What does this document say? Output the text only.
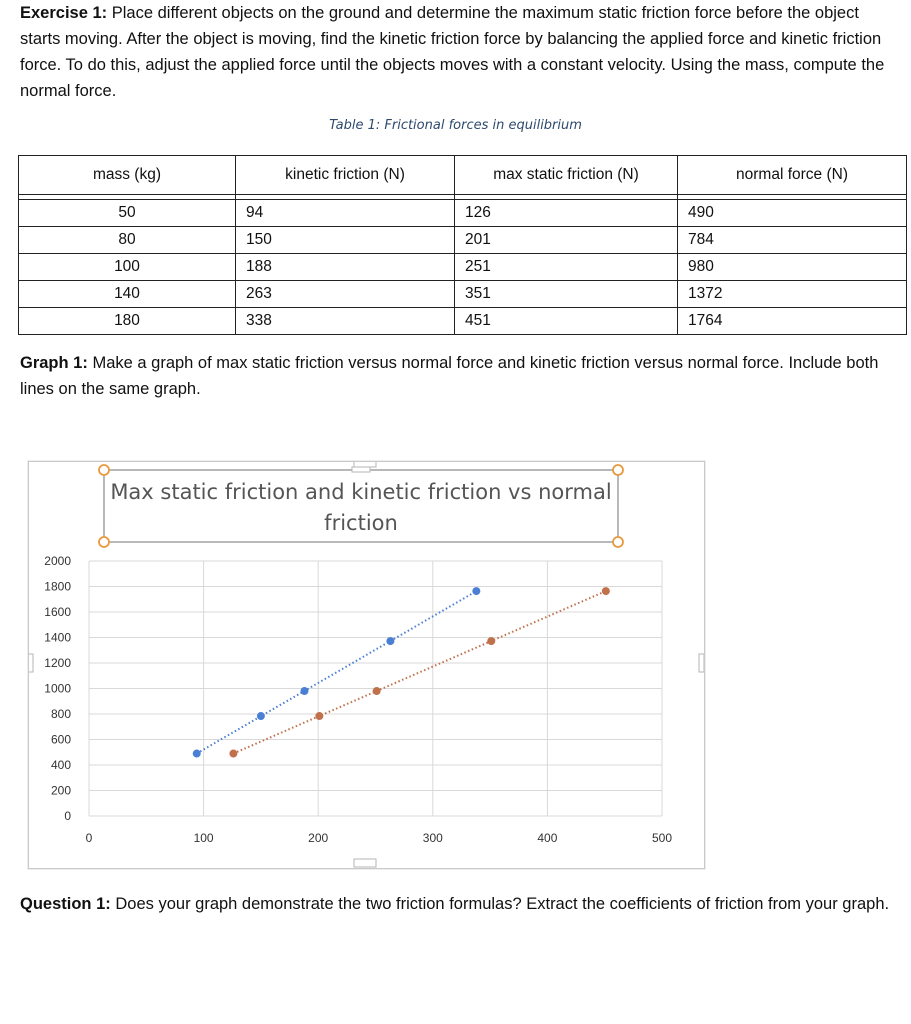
Exercise 1: Place different objects on the ground and determine the maximum static friction force before the object starts moving. After the object is moving, find the kinetic friction force by balancing the applied force and kinetic friction force. To do this, adjust the applied force until the objects moves with a constant velocity. Using the mass, compute the normal force.
Table 1: Frictional forces in equilibrium
mass (kg)	kinetic friction (N)	max static friction (N)	normal force (N)

50	94	126	490
80	150	201	784
100	188	251	980
140	263	351	1372
180	338	451	1764
Graph 1: Make a graph of max static friction versus normal force and kinetic friction versus normal force. Include both lines on the same graph.
0
200
400
600
800
1000
1200
1400
1600
1800
2000
0	100	200	300	400	500
Max static friction and kinetic friction vs normal friction
Question 1: Does your graph demonstrate the two friction formulas? Extract the coefficients of friction from your graph.
